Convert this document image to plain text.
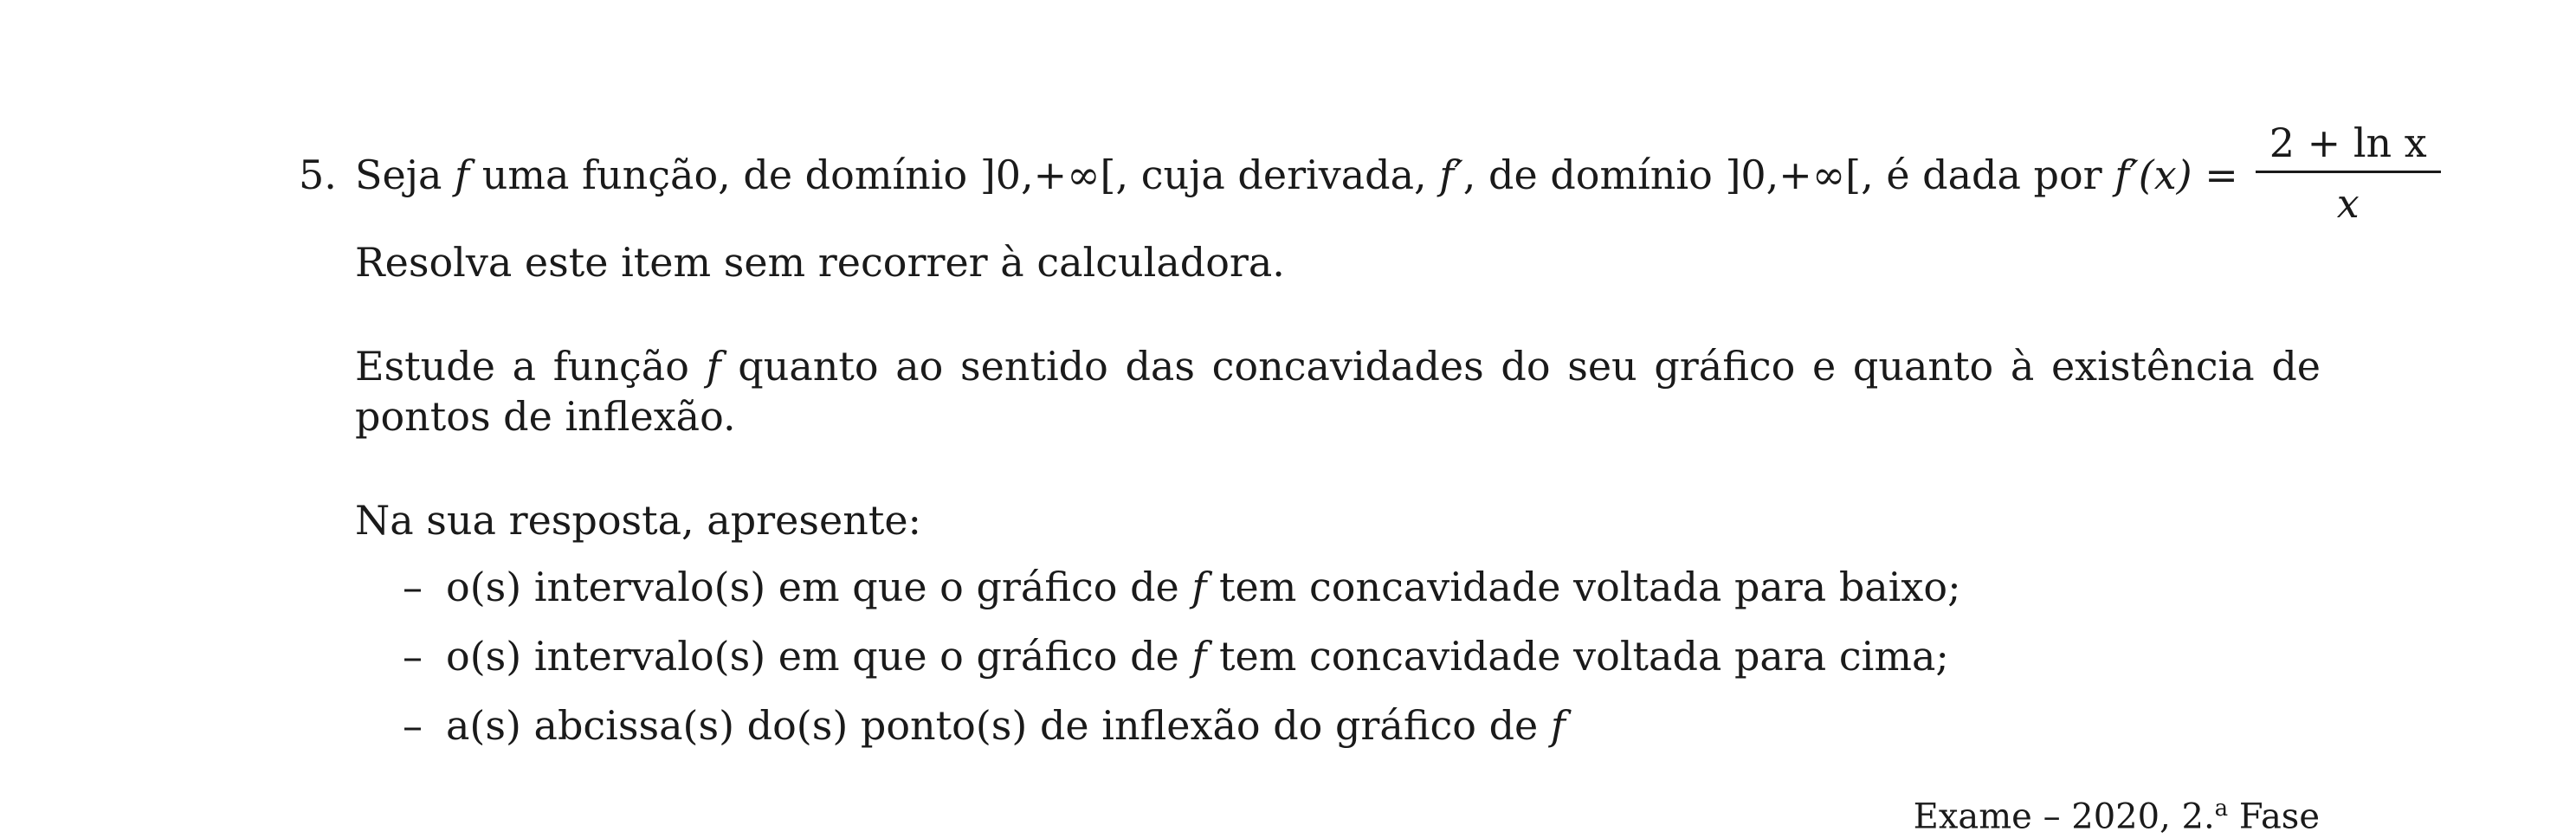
5. Seja f uma função, de domínio ]0,+∞[, cuja derivada, f′ , de domínio ]0,+∞[, é dada por $f'(x) = \frac{\text{2 + ln x}}{x}$
Resolva este item sem recorrer à calculadora.
Estude a função f quanto ao sentido das concavidades do seu gráfico e quanto à existência de pontos de inflexão.
Na sua resposta, apresente:
– o(s) intervalo(s) em que o gráfico de f tem concavidade voltada para baixo;
– o(s) intervalo(s) em que o gráfico de f tem concavidade voltada para cima;
– a(s) abcissa(s) do(s) ponto(s) de inflexão do gráfico de f
Exame – 2020, 2.$^a$ Fase
